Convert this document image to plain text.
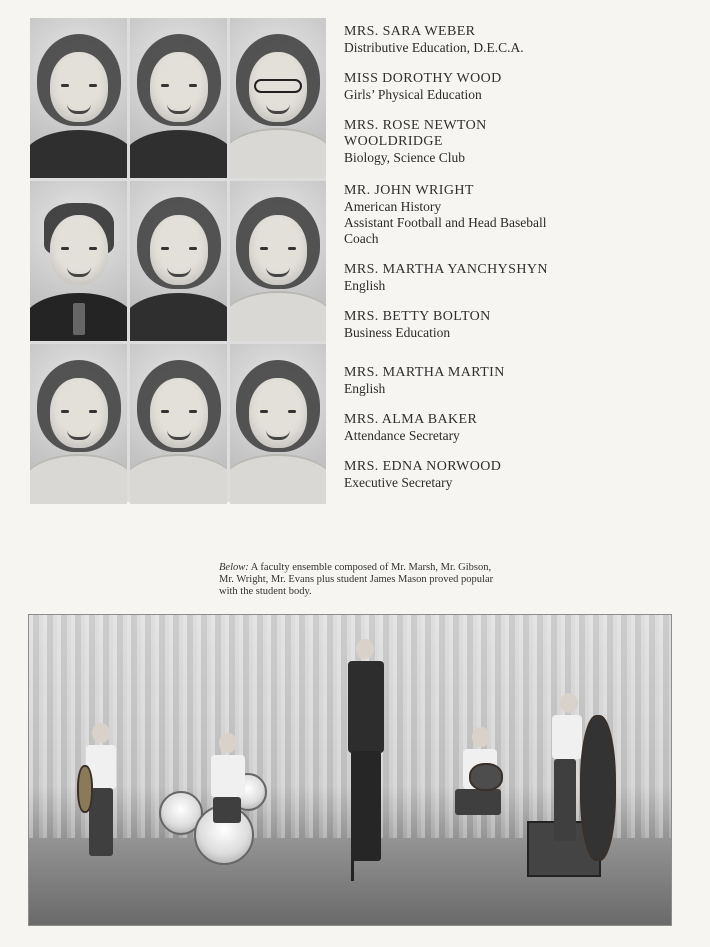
MRS. SARA WEBER

Distributive Education, D.E.C.A.

MISS DOROTHY WOOD

Girls’ Physical Education

MRS. ROSE NEWTON
WOOLDRIDGE

Biology, Science Club

MR. JOHN WRIGHT

American History
Assistant Football and Head Baseball
Coach

MRS. MARTHA YANCHYSHYN

English

MRS. BETTY BOLTON

Business Education

MRS. MARTHA MARTIN

English

MRS. ALMA BAKER

Attendance Secretary

MRS. EDNA NORWOOD

Executive Secretary

Below: A faculty ensemble composed of Mr. Marsh, Mr. Gibson, Mr. Wright, Mr. Evans plus student James Mason proved popular with the student body.
